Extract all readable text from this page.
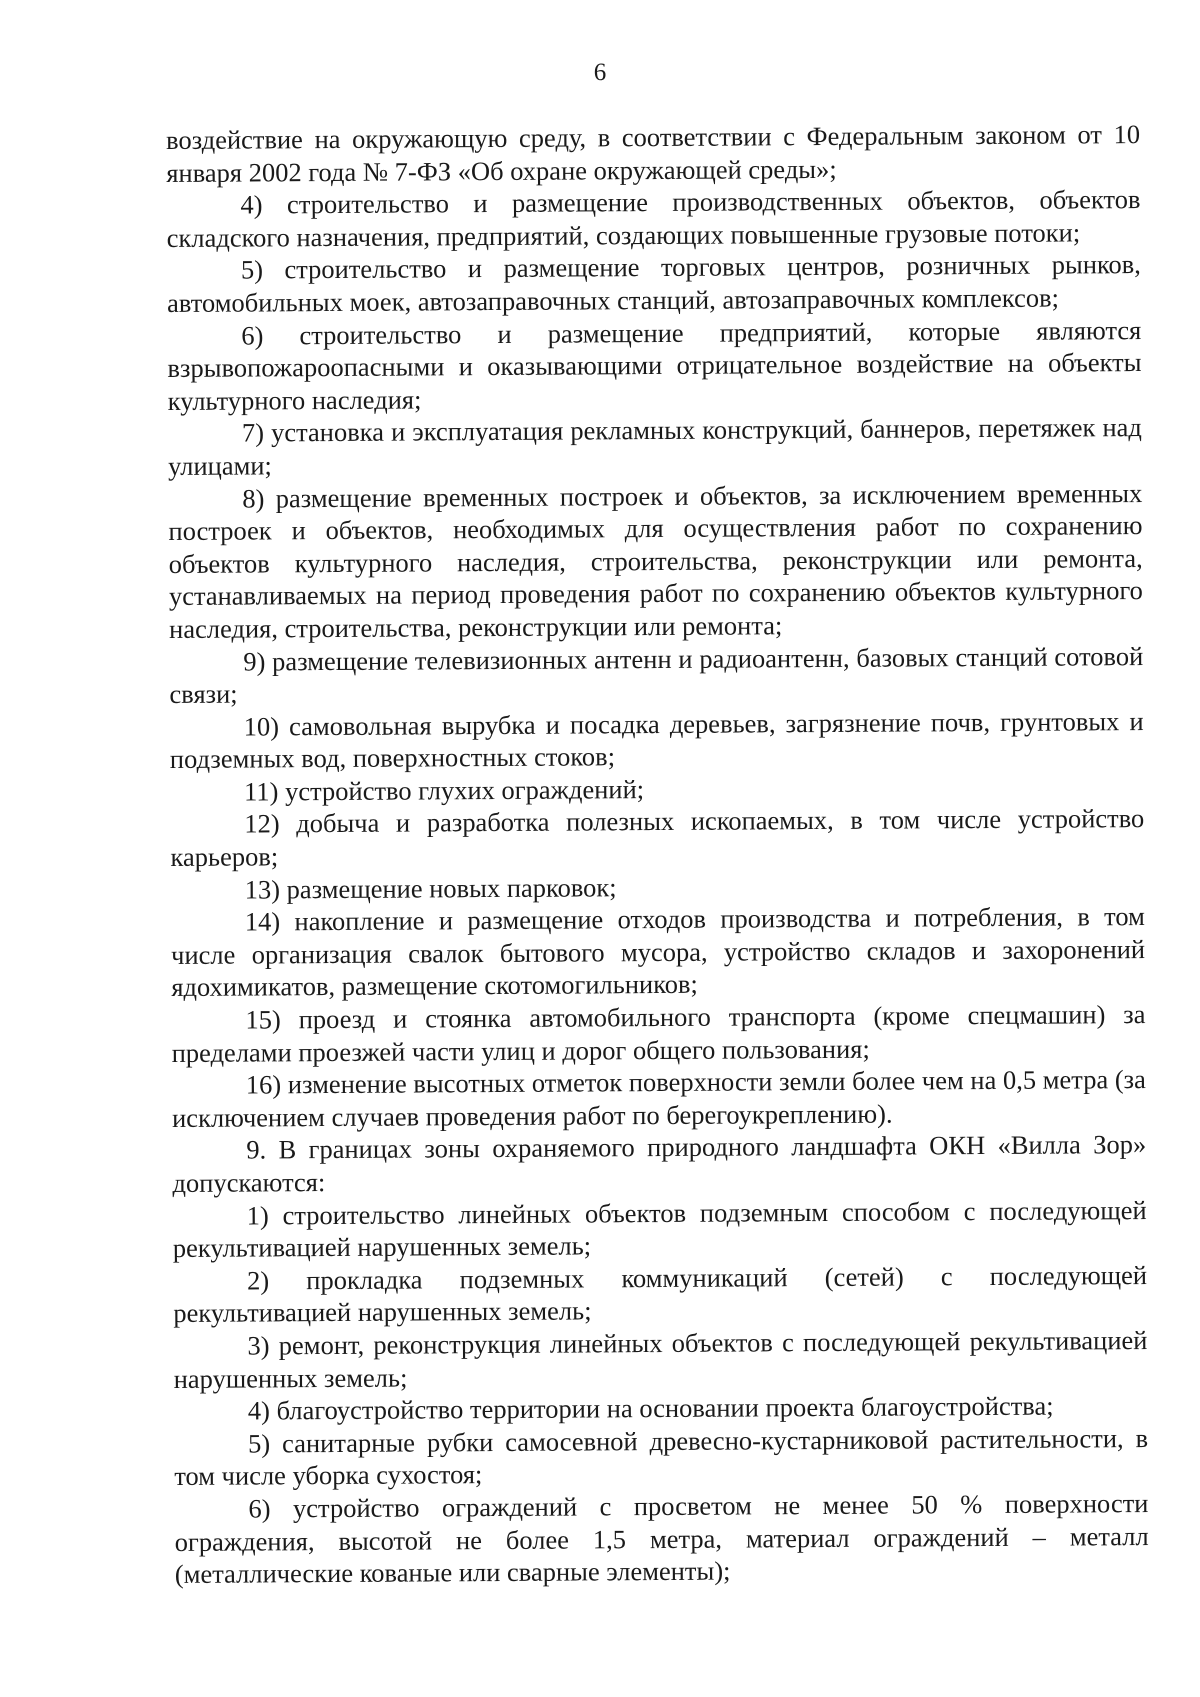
6

воздействие на окружающую среду, в соответствии с Федеральным законом от 10 января 2002 года № 7-ФЗ «Об охране окружающей среды»;

4) строительство и размещение производственных объектов, объектов складского назначения, предприятий, создающих повышенные грузовые потоки;

5) строительство и размещение торговых центров, розничных рынков, автомобильных моек, автозаправочных станций, автозаправочных комплексов;

6) строительство и размещение предприятий, которые являются взрывопожароопасными и оказывающими отрицательное воздействие на объекты культурного наследия;

7) установка и эксплуатация рекламных конструкций, баннеров, перетяжек над улицами;

8) размещение временных построек и объектов, за исключением временных построек и объектов, необходимых для осуществления работ по сохранению объектов культурного наследия, строительства, реконструкции или ремонта, устанавливаемых на период проведения работ по сохранению объектов культурного наследия, строительства, реконструкции или ремонта;

9) размещение телевизионных антенн и радиоантенн, базовых станций сотовой связи;

10) самовольная вырубка и посадка деревьев, загрязнение почв, грунтовых и подземных вод, поверхностных стоков;

11) устройство глухих ограждений;

12) добыча и разработка полезных ископаемых, в том числе устройство карьеров;

13) размещение новых парковок;

14) накопление и размещение отходов производства и потребления, в том числе организация свалок бытового мусора, устройство складов и захоронений ядохимикатов, размещение скотомогильников;

15) проезд и стоянка автомобильного транспорта (кроме спецмашин) за пределами проезжей части улиц и дорог общего пользования;

16) изменение высотных отметок поверхности земли более чем на 0,5 метра (за исключением случаев проведения работ по берегоукреплению).

9. В границах зоны охраняемого природного ландшафта ОКН «Вилла Зор» допускаются:

1) строительство линейных объектов подземным способом с последующей рекультивацией нарушенных земель;

2) прокладка подземных коммуникаций (сетей) с последующей рекультивацией нарушенных земель;

3) ремонт, реконструкция линейных объектов с последующей рекультивацией нарушенных земель;

4) благоустройство территории на основании проекта благоустройства;

5) санитарные рубки самосевной древесно-кустарниковой растительности, в том числе уборка сухостоя;

6) устройство ограждений с просветом не менее 50 % поверхности ограждения, высотой не более 1,5 метра, материал ограждений – металл (металлические кованые или сварные элементы);
